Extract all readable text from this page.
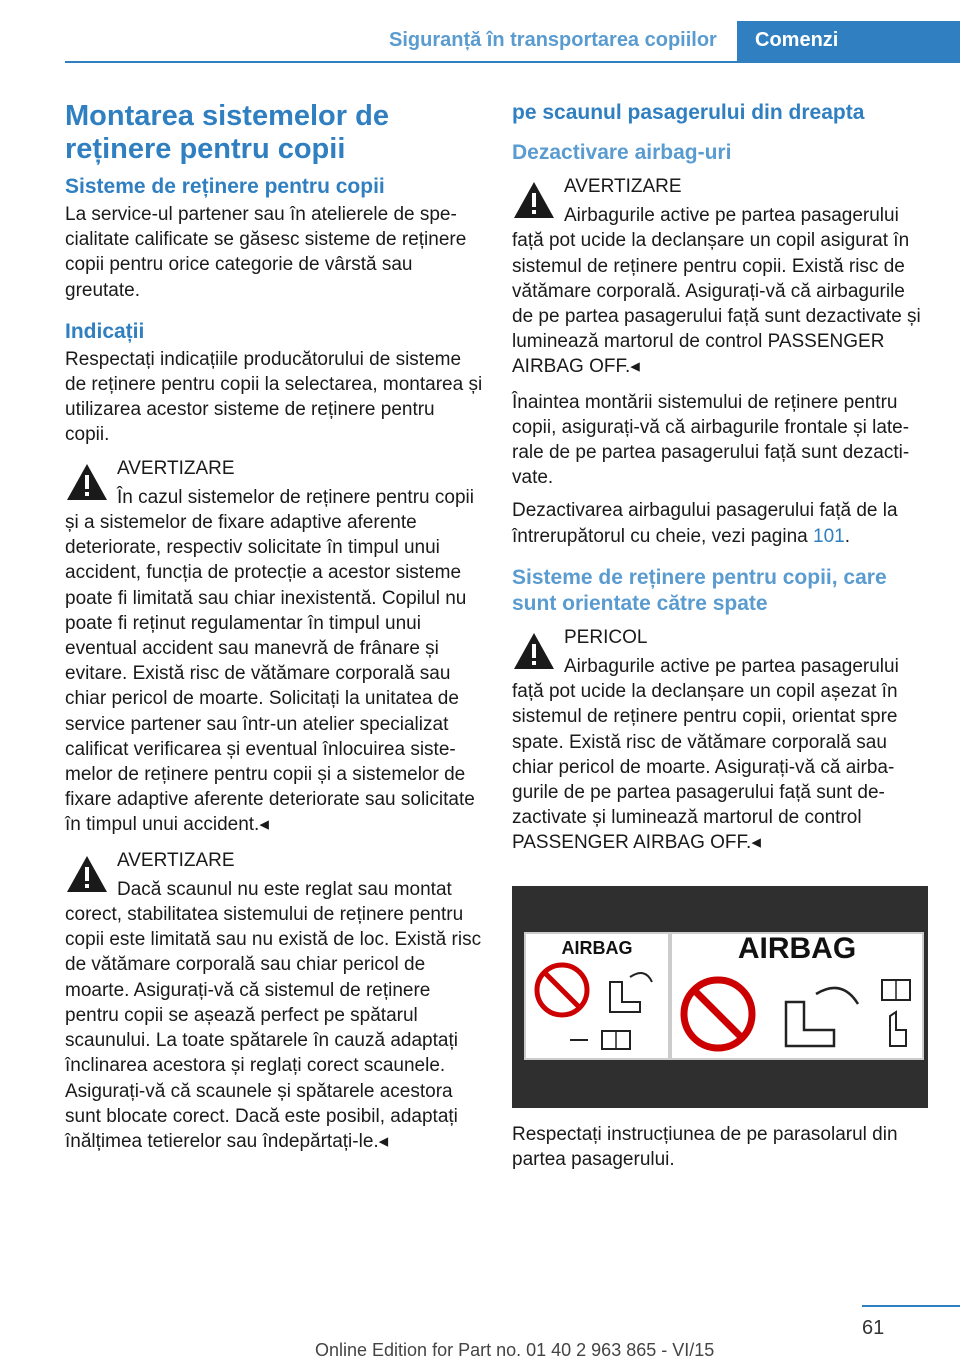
Siguranță în transportarea copiilor Comenzi
Montarea sistemelor de reținere pentru copii
Sisteme de reținere pentru copii

La service-ul partener sau în atelierele de specialitate calificate se găsesc sisteme de reținere copii pentru orice categorie de vârstă sau greutate.

Indicații

Respectați indicațiile producătorului de sisteme de reținere pentru copii la selectarea, montarea și utilizarea acestor sisteme de reținere pentru copii.

AVERTIZARE
În cazul sistemelor de reținere pentru copii și a sistemelor de fixare adaptive aferente deteriorate, respectiv solicitate în timpul unui accident, funcția de protecție a acestor sisteme poate fi limitată sau chiar inexistentă. Copilul nu poate fi reținut regulamentar în timpul unui eventual accident sau manevră de frânare și evitare. Există risc de vătămare corporală sau chiar pericol de moarte. Solicitați la unitatea de service partener sau într-un atelier specializat calificat verificarea și eventual înlocuirea sistemelor de reținere pentru copii și a sistemelor de fixare adaptive aferente deteriorate sau solicitate în timpul unui accident.◂
AVERTIZARE
Dacă scaunul nu este reglat sau montat corect, stabilitatea sistemului de reținere pentru copii este limitată sau nu există de loc. Există risc de vătămare corporală sau chiar pericol de moarte. Asigurați-vă că sistemul de reținere pentru copii se așează perfect pe spătarul scaunului. La toate spătarele în cauză adaptați înclinarea acestora și reglați corect scaunele. Asigurați-vă că scaunele și spătarele acestora sunt blocate corect. Dacă este posibil, adaptați înălțimea tetierelor sau îndepărtați-le.◂
pe scaunul pasagerului din dreapta
Dezactivare airbag-uri
AVERTIZARE
Airbagurile active pe partea pasagerului față pot ucide la declanșare un copil asigurat în sistemul de reținere pentru copii. Există risc de vătămare corporală. Asigurați-vă că airbagurile de pe partea pasagerului față sunt dezactivate și luminează martorul de control PASSENGER AIRBAG OFF.◂

Înaintea montării sistemului de reținere pentru copii, asigurați-vă că airbagurile frontale și laterale de pe partea pasagerului față sunt dezactivate.

Dezactivarea airbagului pasagerului față de la întrerupătorul cu cheie, vezi pagina 101.

Sisteme de reținere pentru copii, care sunt orientate către spate
PERICOL
Airbagurile active pe partea pasagerului față pot ucide la declanșare un copil așezat în sistemul de reținere pentru copii, orientat spre spate. Există risc de vătămare corporală sau chiar pericol de moarte. Asigurați-vă că airbagurile de pe partea pasagerului față sunt dezactivate și luminează martorul de control PASSENGER AIRBAG OFF.◂
AIRBAG	AIRBAG

Respectați instrucțiunea de pe parasolarul din partea pasagerului.

61
Online Edition for Part no. 01 40 2 963 865 - VI/15
